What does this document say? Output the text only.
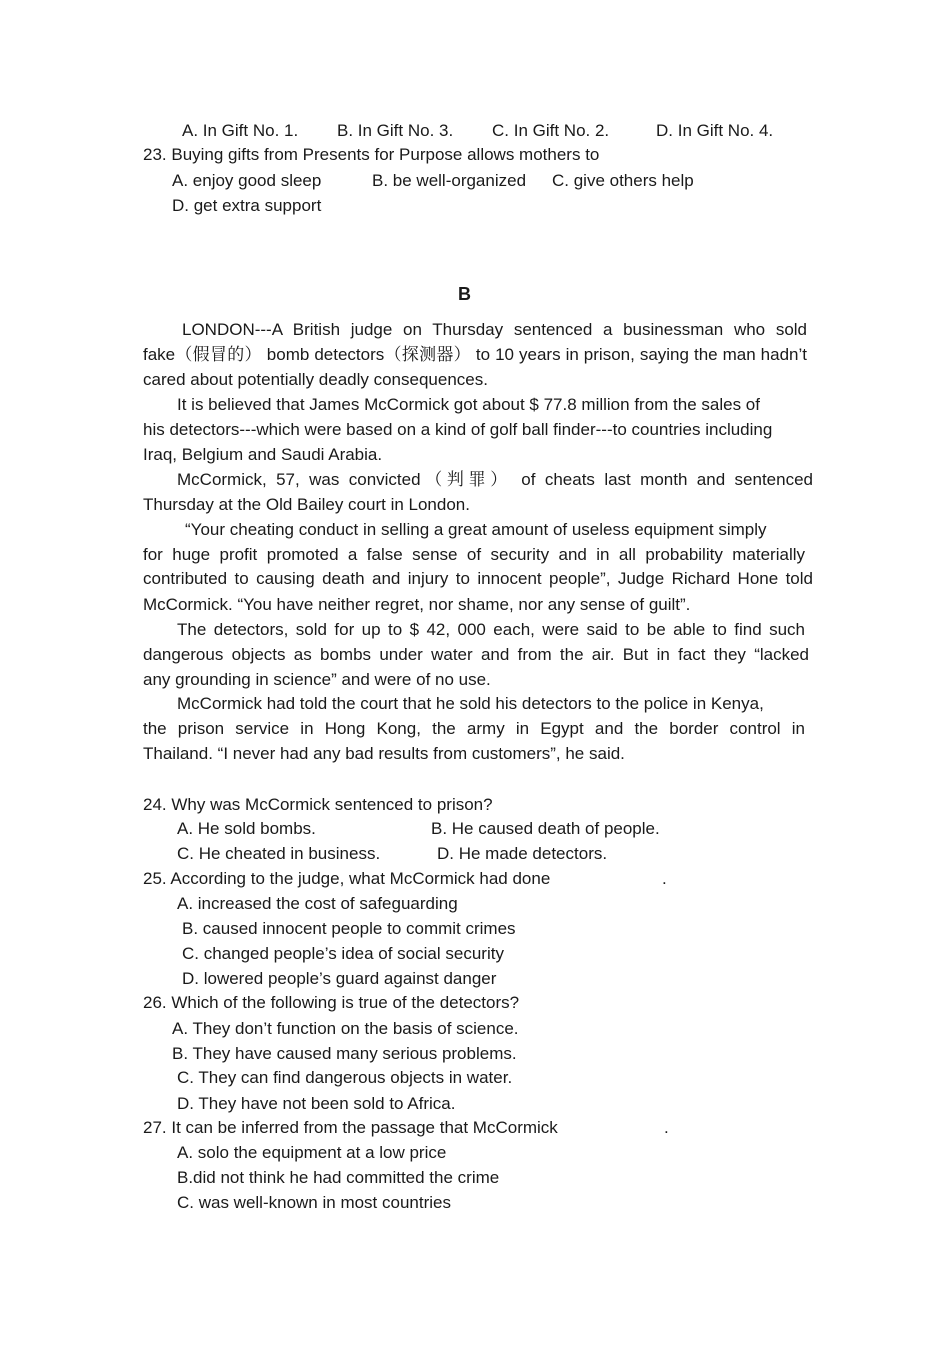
A. In Gift No. 1. B. In Gift No. 3. C. In Gift No. 2.	D. In Gift No. 4.
23. Buying gifts from Presents for Purpose allows mothers to
A. enjoy good sleep	B. be well-organized C. give others help
D. get extra support
B
LONDON---A British judge on Thursday sentenced a businessman who sold
fake（假冒的） bomb detectors（探测器） to 10 years in prison, saying the man hadn’t
cared about potentially deadly consequences.
It is believed that James McCormick got about $ 77.8 million from the sales of
his detectors---which were based on a kind of golf ball finder---to countries including
Iraq, Belgium and Saudi Arabia.
McCormick, 57, was convicted（判罪） of cheats last month and sentenced
Thursday at the Old Bailey court in London.
“Your cheating conduct in selling a great amount of useless equipment simply
for huge profit promoted a false sense of security and in all probability materially
contributed to causing death and injury to innocent people”, Judge Richard Hone told
McCormick. “You have neither regret, nor shame, nor any sense of guilt”.
The detectors, sold for up to $ 42, 000 each, were said to be able to find such
dangerous objects as bombs under water and from the air. But in fact they “lacked
any grounding in science” and were of no use.
McCormick had told the court that he sold his detectors to the police in Kenya,
the prison service in Hong Kong, the army in Egypt and the border control in
Thailand. “I never had any bad results from customers”, he said.
24. Why was McCormick sentenced to prison?
A. He sold bombs.	B. He caused death of people.
C. He cheated in business.	D. He made detectors.
25. According to the judge, what McCormick had done	.
A. increased the cost of safeguarding
B. caused innocent people to commit crimes
C. changed people’s idea of social security
D. lowered people’s guard against danger
26. Which of the following is true of the detectors?
A. They don’t function on the basis of science.
B. They have caused many serious problems.
C. They can find dangerous objects in water.
D. They have not been sold to Africa.
27. It can be inferred from the passage that McCormick	.
A. solo the equipment at a low price
B.did not think he had committed the crime
C. was well-known in most countries
